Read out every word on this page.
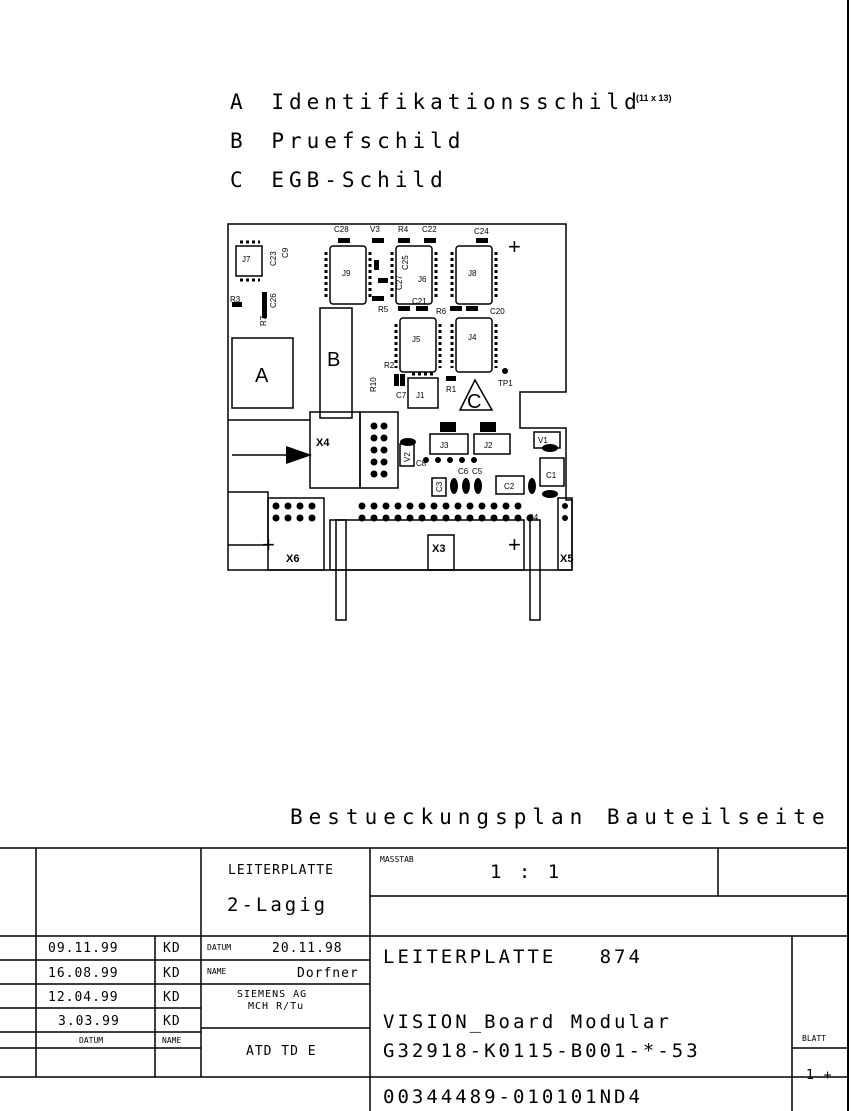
A Identifikationsschild
(11 x 13)
B Pruefschild
C EGB-Schild
C28	V3 R4 C22	C24
J7 C23 C9
R3
R7
C26
J9
J6
J8
C27
C25
R5
C21
R6	C20
J5	J4
R2
R10
J1
C7
R1
TP1
J3	J2
V1
V2
C8
C6 C5
C3	C2
C1
C4
X4
X3
X5
X6
A
B
C
+
+
+
Bestueckungsplan Bauteilseite
LEITERPLATTE
2-Lagig
MASSTAB
1 : 1
09.11.99	KD
16.08.99	KD
12.04.99	KD
3.03.99	KD
DATUM	NAME
DATUM	20.11.98
NAME	Dorfner
SIEMENS AG
MCH R/Tu
ATD TD E
LEITERPLATTE   874
VISION_Board Modular
G32918-K0115-B001-*-53
00344489-010101ND4
BLATT
1 +
